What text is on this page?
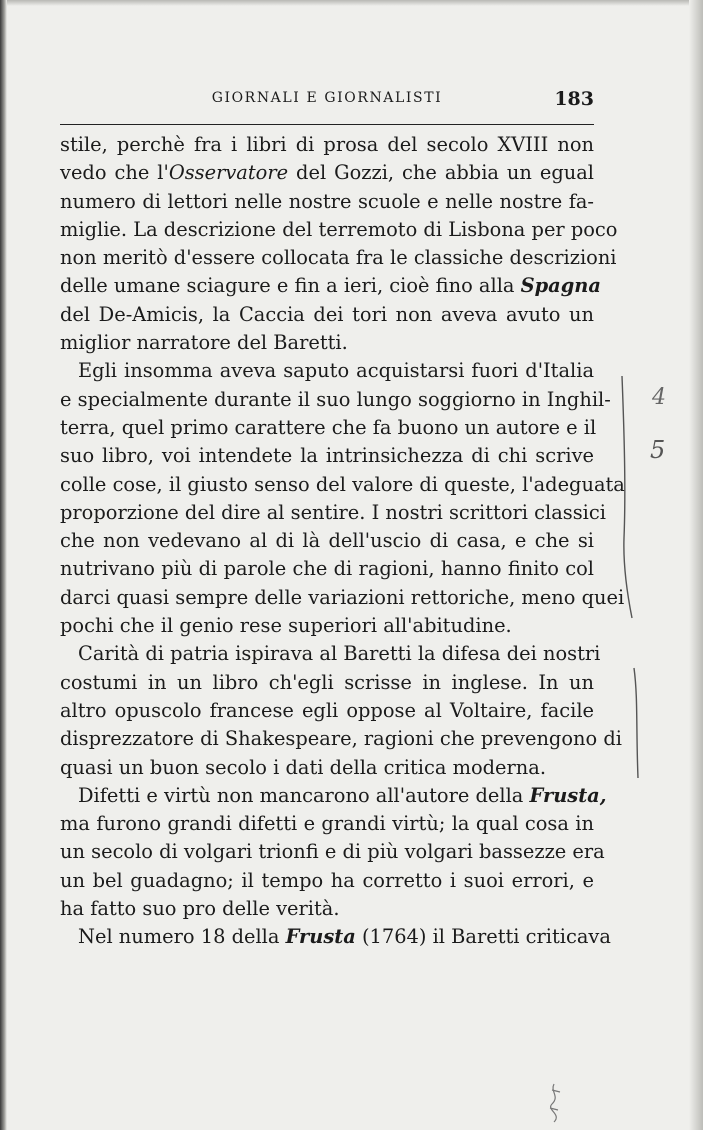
GIORNALI E GIORNALISTI	183
stile, perchè fra i libri di prosa del secolo XVIII non
vedo che l'Osservatore del Gozzi, che abbia un egual
numero di lettori nelle nostre scuole e nelle nostre fa-
miglie. La descrizione del terremoto di Lisbona per poco
non meritò d'essere collocata fra le classiche descrizioni
delle umane sciagure e fin a ieri, cioè fino alla Spagna
del De-Amicis, la Caccia dei tori non aveva avuto un
miglior narratore del Baretti.
Egli insomma aveva saputo acquistarsi fuori d'Italia
e specialmente durante il suo lungo soggiorno in Inghil-
terra, quel primo carattere che fa buono un autore e il
suo libro, voi intendete la intrinsichezza di chi scrive
colle cose, il giusto senso del valore di queste, l'adeguata
proporzione del dire al sentire. I nostri scrittori classici
che non vedevano al di là dell'uscio di casa, e che si
nutrivano più di parole che di ragioni, hanno finito col
darci quasi sempre delle variazioni rettoriche, meno quei
pochi che il genio rese superiori all'abitudine.
Carità di patria ispirava al Baretti la difesa dei nostri
costumi in un libro ch'egli scrisse in inglese. In un
altro opuscolo francese egli oppose al Voltaire, facile
disprezzatore di Shakespeare, ragioni che prevengono di
quasi un buon secolo i dati della critica moderna.
Difetti e virtù non mancarono all'autore della Frusta,
ma furono grandi difetti e grandi virtù; la qual cosa in
un secolo di volgari trionfi e di più volgari bassezze era
un bel guadagno; il tempo ha corretto i suoi errori, e
ha fatto suo pro delle verità.
Nel numero 18 della Frusta (1764) il Baretti criticava
4
5
